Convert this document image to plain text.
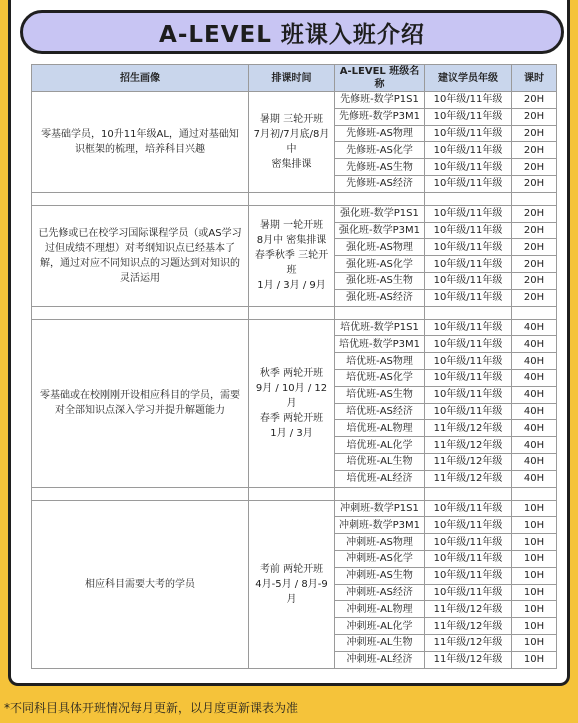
A-LEVEL 班课入班介绍
招生画像	排课时间	A-LEVEL 班级名称	建议学员年级	课时
零基础学员，10升11年级AL，通过对基础知识框架的梳理，培养科目兴趣	暑期 三轮开班
7月初/7月底/8月中
密集排课	先修班-数学P1S1	10年级/11年级	20H
		先修班-数学P3M1	10年级/11年级	20H
		先修班-AS物理	10年级/11年级	20H
		先修班-AS化学	10年级/11年级	20H
		先修班-AS生物	10年级/11年级	20H
		先修班-AS经济	10年级/11年级	20H

已先修或已在校学习国际课程学员（或AS学习过但成绩不理想）对考纲知识点已经基本了解，通过对应不同知识点的习题达到对知识的灵活运用	暑期 一轮开班
8月中 密集排课
春季秋季 三轮开班
1月 / 3月 / 9月	强化班-数学P1S1	10年级/11年级	20H
		强化班-数学P3M1	10年级/11年级	20H
		强化班-AS物理	10年级/11年级	20H
		强化班-AS化学	10年级/11年级	20H
		强化班-AS生物	10年级/11年级	20H
		强化班-AS经济	10年级/11年级	20H

零基础或在校刚刚开设相应科目的学员，需要对全部知识点深入学习并提升解题能力	秋季 两轮开班
9月 / 10月 / 12月
春季 两轮开班
1月 / 3月	培优班-数学P1S1	10年级/11年级	40H
		培优班-数学P3M1	10年级/11年级	40H
		培优班-AS物理	10年级/11年级	40H
		培优班-AS化学	10年级/11年级	40H
		培优班-AS生物	10年级/11年级	40H
		培优班-AS经济	10年级/11年级	40H
		培优班-AL物理	11年级/12年级	40H
		培优班-AL化学	11年级/12年级	40H
		培优班-AL生物	11年级/12年级	40H
		培优班-AL经济	11年级/12年级	40H

相应科目需要大考的学员	考前 两轮开班
4月-5月 / 8月-9月	冲刺班-数学P1S1	10年级/11年级	10H
		冲刺班-数学P3M1	10年级/11年级	10H
		冲刺班-AS物理	10年级/11年级	10H
		冲刺班-AS化学	10年级/11年级	10H
		冲刺班-AS生物	10年级/11年级	10H
		冲刺班-AS经济	10年级/11年级	10H
		冲刺班-AL物理	11年级/12年级	10H
		冲刺班-AL化学	11年级/12年级	10H
		冲刺班-AL生物	11年级/12年级	10H
		冲刺班-AL经济	11年级/12年级	10H
*不同科目具体开班情况每月更新，以月度更新课表为准
